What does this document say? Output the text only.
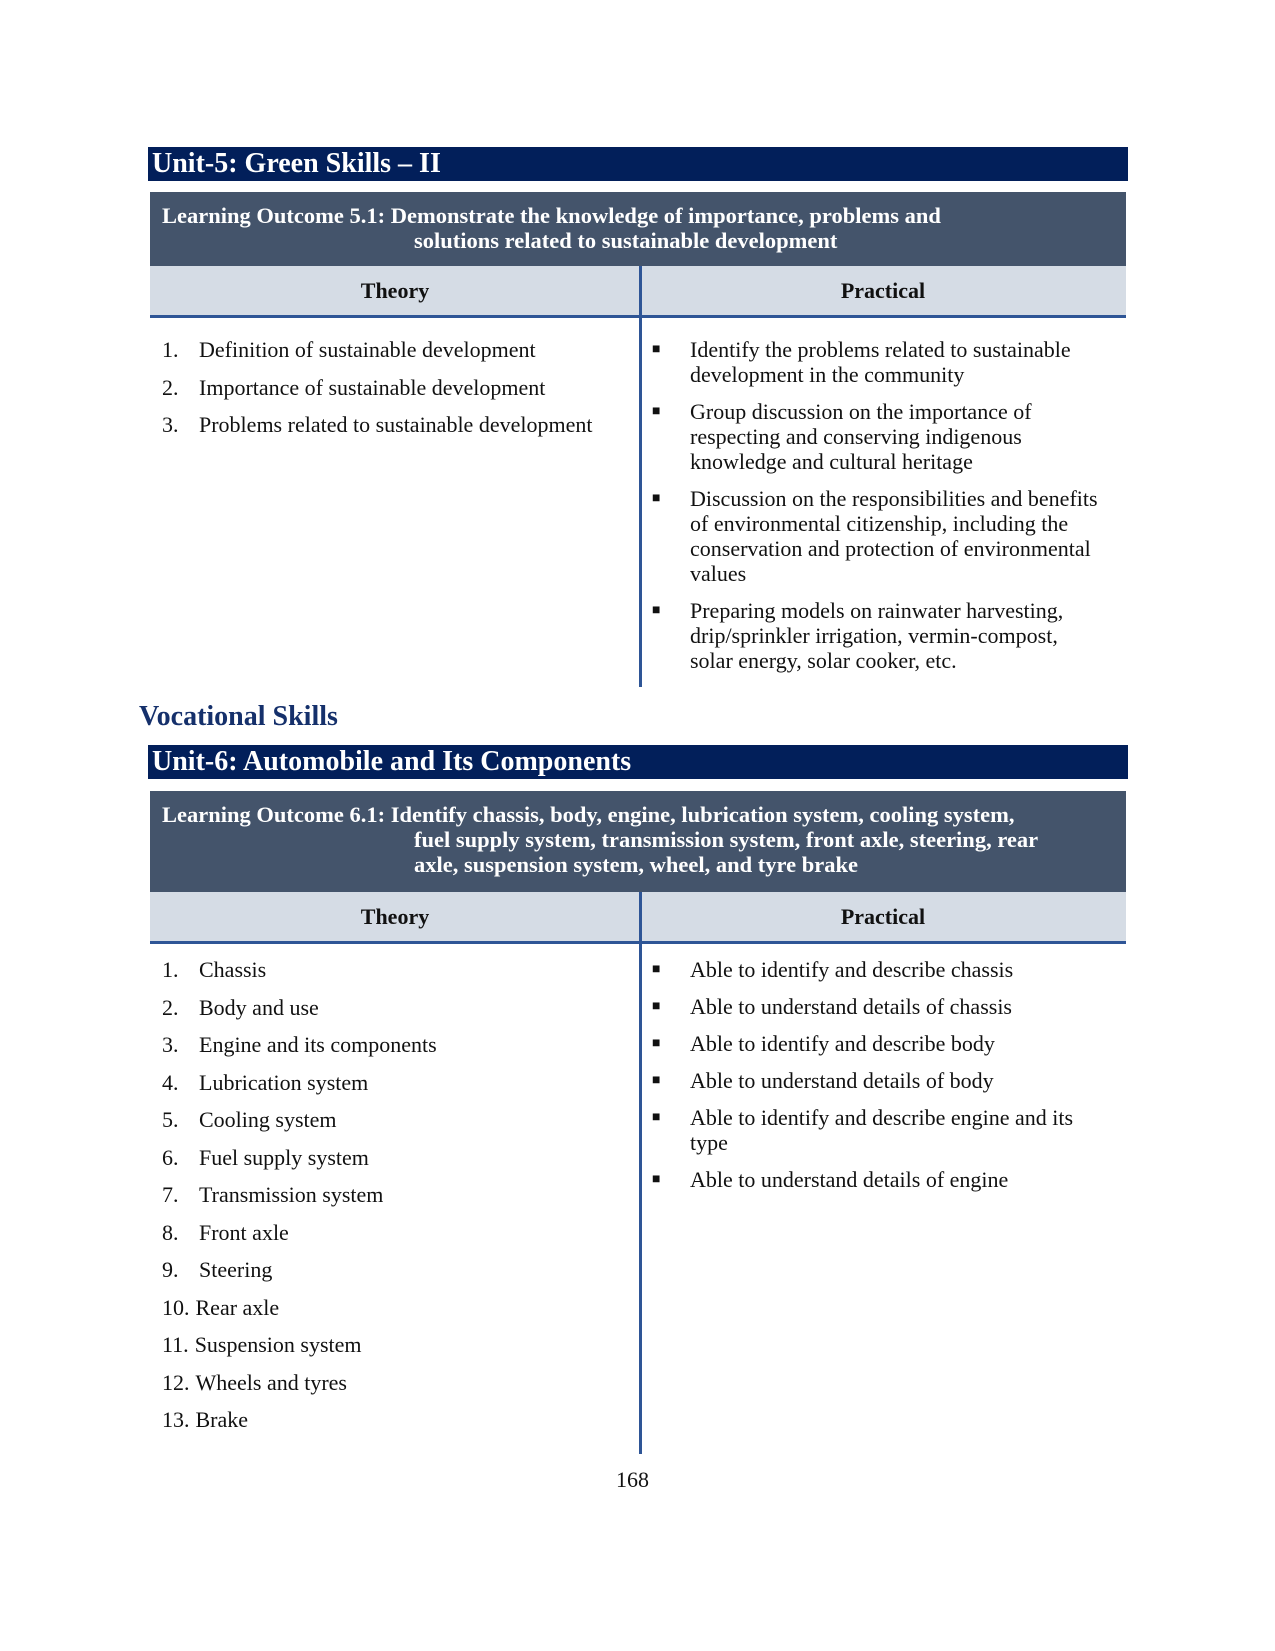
Unit-5: Green Skills – II
Learning Outcome 5.1: Demonstrate the knowledge of importance, problems and
solutions related to sustainable development
Theory	Practical
1. Definition of sustainable development
2. Importance of sustainable development
3. Problems related to sustainable development
■	Identify the problems related to sustainable development in the community
■	Group discussion on the importance of respecting and conserving indigenous knowledge and cultural heritage
■	Discussion on the responsibilities and benefits of environmental citizenship, including the conservation and protection of environmental values
■	Preparing models on rainwater harvesting, drip/sprinkler irrigation, vermin-compost, solar energy, solar cooker, etc.
Vocational Skills
Unit-6: Automobile and Its Components
Learning Outcome 6.1: Identify chassis, body, engine, lubrication system, cooling system,
fuel supply system, transmission system, front axle, steering, rear
axle, suspension system, wheel, and tyre brake
Theory	Practical
1. Chassis
2. Body and use
3. Engine and its components
4. Lubrication system
5. Cooling system
6. Fuel supply system
7. Transmission system
8. Front axle
9. Steering
10. Rear axle
11. Suspension system
12. Wheels and tyres
13. Brake
■	Able to identify and describe chassis
■	Able to understand details of chassis
■	Able to identify and describe body
■	Able to understand details of body
■	Able to identify and describe engine and its type
■	Able to understand details of engine
168
